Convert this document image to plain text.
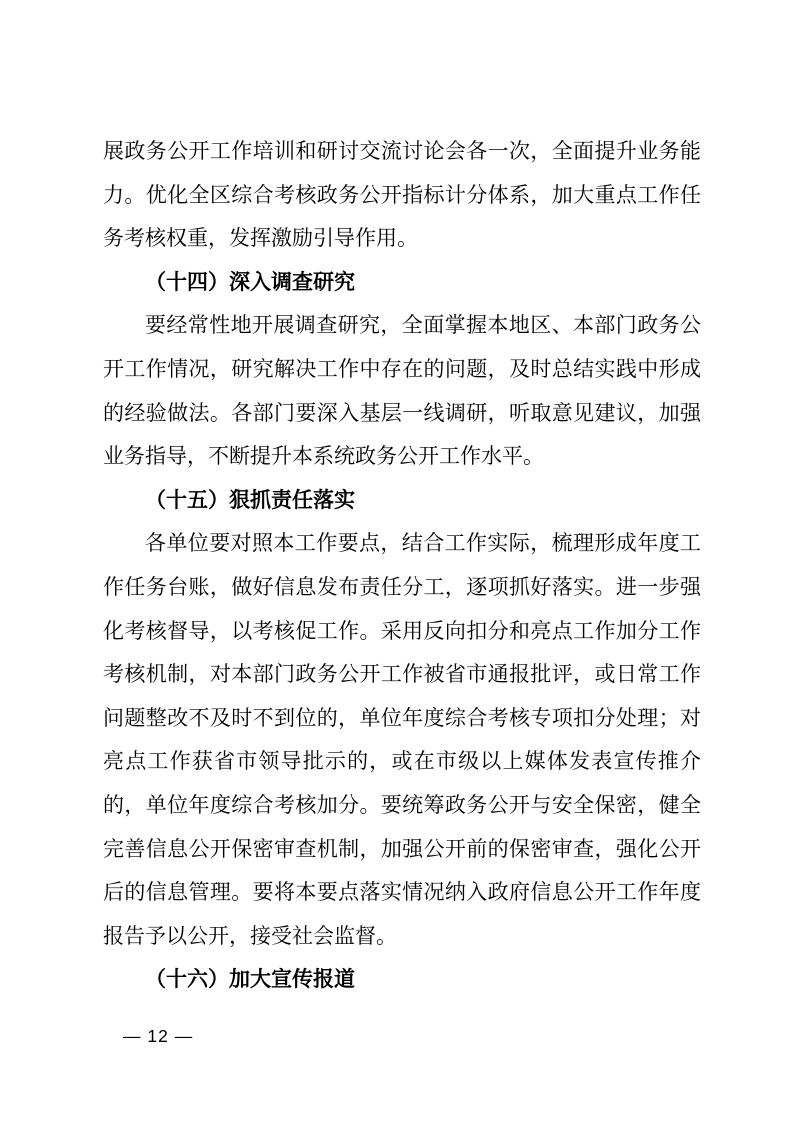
展政务公开工作培训和研讨交流讨论会各一次，全面提升业务能力。优化全区综合考核政务公开指标计分体系，加大重点工作任务考核权重，发挥激励引导作用。

（十四）深入调查研究

要经常性地开展调查研究，全面掌握本地区、本部门政务公开工作情况，研究解决工作中存在的问题，及时总结实践中形成的经验做法。各部门要深入基层一线调研，听取意见建议，加强业务指导，不断提升本系统政务公开工作水平。

（十五）狠抓责任落实

各单位要对照本工作要点，结合工作实际，梳理形成年度工作任务台账，做好信息发布责任分工，逐项抓好落实。进一步强化考核督导，以考核促工作。采用反向扣分和亮点工作加分工作考核机制，对本部门政务公开工作被省市通报批评，或日常工作问题整改不及时不到位的，单位年度综合考核专项扣分处理；对亮点工作获省市领导批示的，或在市级以上媒体发表宣传推介的，单位年度综合考核加分。要统筹政务公开与安全保密，健全完善信息公开保密审查机制，加强公开前的保密审查，强化公开后的信息管理。要将本要点落实情况纳入政府信息公开工作年度报告予以公开，接受社会监督。

（十六）加大宣传报道
— 12 —
